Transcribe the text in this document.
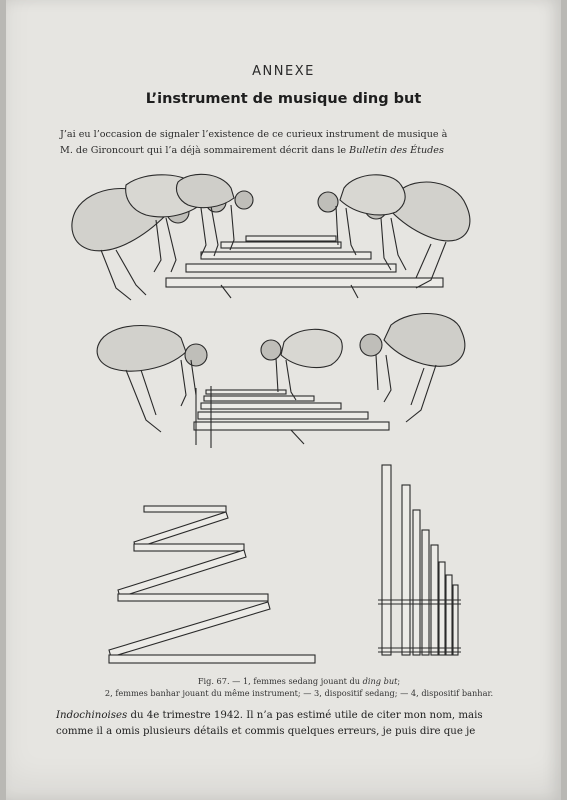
ANNEXE
L’instrument de musique ding but
J’ai eu l’occasion de signaler l’existence de ce curieux instrument de musique à
M. de Gironcourt qui l’a déjà sommairement décrit dans le Bulletin des Études
Fig. 67. — 1, femmes sedang jouant du ding but;
2, femmes banhar jouant du même instrument; — 3, dispositif sedang; — 4, dispositif banhar.
Indochinoises du 4e trimestre 1942. Il n’a pas estimé utile de citer mon nom, mais
comme il a omis plusieurs détails et commis quelques erreurs, je puis dire que je
